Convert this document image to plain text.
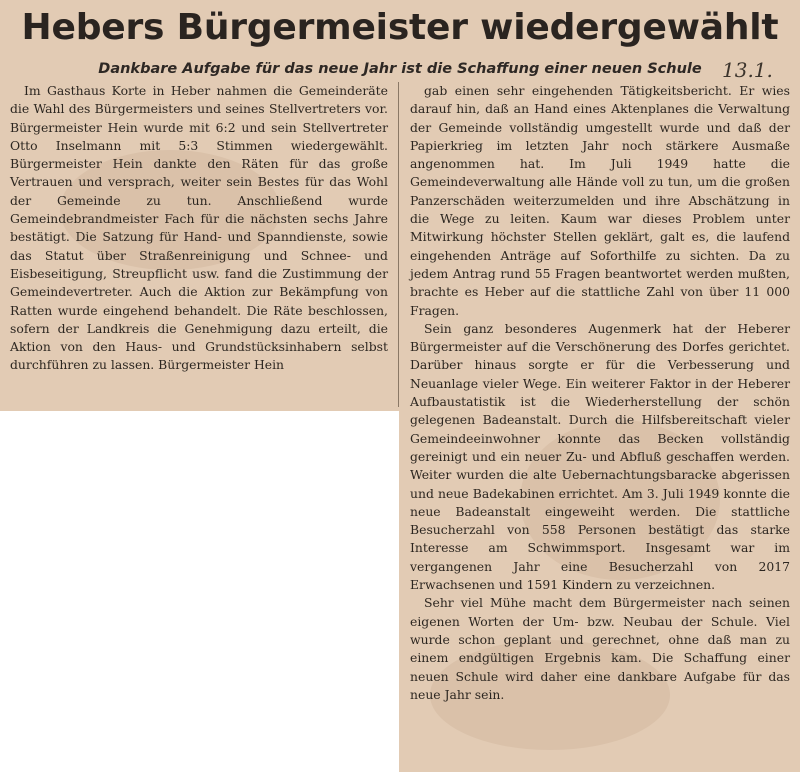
Hebers Bürgermeister wiedergewählt
Dankbare Aufgabe für das neue Jahr ist die Schaffung einer neuen Schule	13.1.

Im Gasthaus Korte in Heber nahmen die Gemeinderäte die Wahl des Bürgermeisters und seines Stellvertreters vor. Bürgermeister Hein wurde mit 6:2 und sein Stellvertreter Otto Inselmann mit 5:3 Stimmen wiedergewählt. Bürgermeister Hein dankte den Räten für das große Vertrauen und versprach, weiter sein Bestes für das Wohl der Gemeinde zu tun. Anschließend wurde Gemeindebrandmeister Fach für die nächsten sechs Jahre bestätigt. Die Satzung für Hand- und Spanndienste, sowie das Statut über Straßenreinigung und Schnee- und Eisbeseitigung, Streupflicht usw. fand die Zustimmung der Gemeindevertreter. Auch die Aktion zur Bekämpfung von Ratten wurde eingehend behandelt. Die Räte beschlossen, sofern der Landkreis die Genehmigung dazu erteilt, die Aktion von den Haus- und Grundstücksinhabern selbst durchführen zu lassen. Bürgermeister Hein

gab einen sehr eingehenden Tätigkeitsbericht. Er wies darauf hin, daß an Hand eines Aktenplanes die Verwaltung der Gemeinde vollständig umgestellt wurde und daß der Papierkrieg im letzten Jahr noch stärkere Ausmaße angenommen hat. Im Juli 1949 hatte die Gemeindeverwaltung alle Hände voll zu tun, um die großen Panzerschäden weiterzumelden und ihre Abschätzung in die Wege zu leiten. Kaum war dieses Problem unter Mitwirkung höchster Stellen geklärt, galt es, die laufend eingehenden Anträge auf Soforthilfe zu sichten. Da zu jedem Antrag rund 55 Fragen beantwortet werden mußten, brachte es Heber auf die stattliche Zahl von über 11 000 Fragen.

Sein ganz besonderes Augenmerk hat der Heberer Bürgermeister auf die Verschönerung des Dorfes gerichtet. Darüber hinaus sorgte er für die Verbesserung und Neuanlage vieler Wege. Ein weiterer Faktor in der Heberer Aufbaustatistik ist die Wiederherstellung der schön gelegenen Badeanstalt. Durch die Hilfsbereitschaft vieler Gemeindeeinwohner konnte das Becken vollständig gereinigt und ein neuer Zu- und Abfluß geschaffen werden. Weiter wurden die alte Uebernachtungsbaracke abgerissen und neue Badekabinen errichtet. Am 3. Juli 1949 konnte die neue Badeanstalt eingeweiht werden. Die stattliche Besucherzahl von 558 Personen bestätigt das starke Interesse am Schwimmsport. Insgesamt war im vergangenen Jahr eine Besucherzahl von 2017 Erwachsenen und 1591 Kindern zu verzeichnen.

Sehr viel Mühe macht dem Bürgermeister nach seinen eigenen Worten der Um- bzw. Neubau der Schule. Viel wurde schon geplant und gerechnet, ohne daß man zu einem endgültigen Ergebnis kam. Die Schaffung einer neuen Schule wird daher eine dankbare Aufgabe für das neue Jahr sein.
